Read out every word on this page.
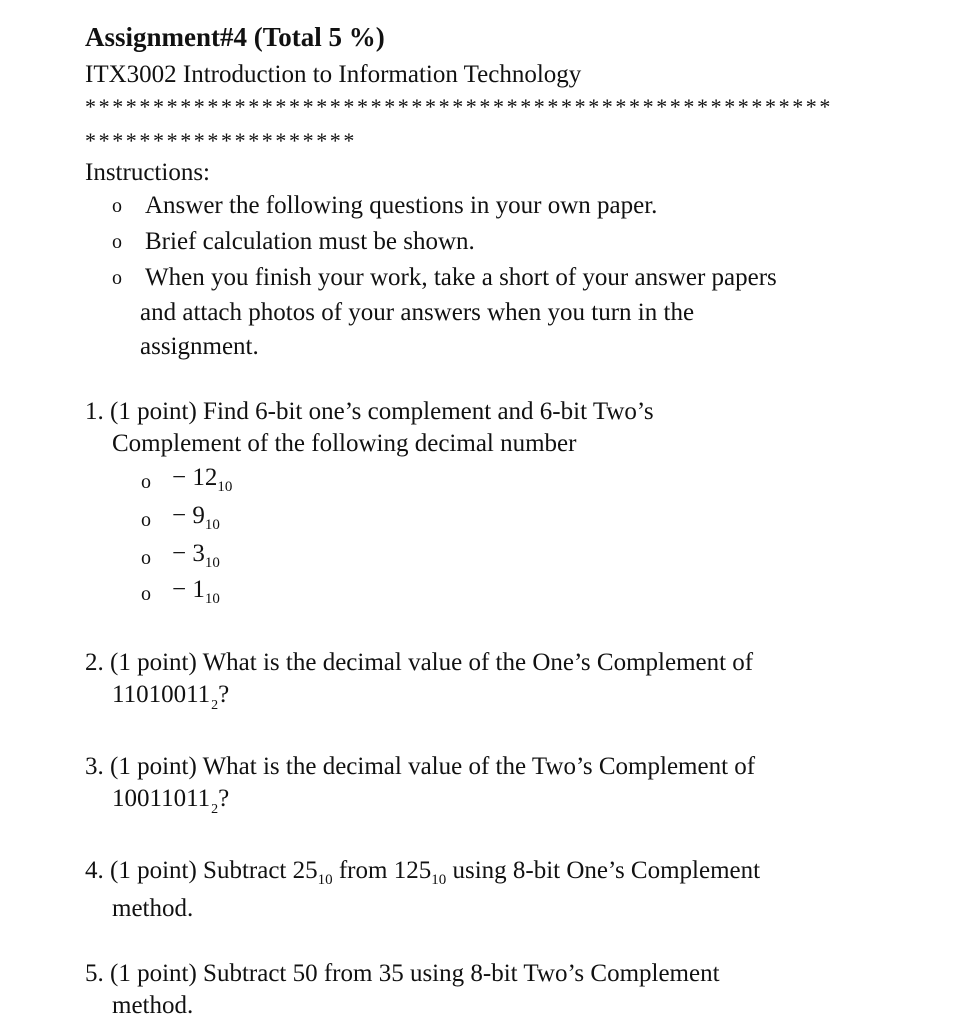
Assignment#4 (Total 5 %)
ITX3002 Introduction to Information Technology
*******************************************************
********************
Instructions:
o Answer the following questions in your own paper.
o Brief calculation must be shown.
o When you finish your work, take a short of your answer papers
and attach photos of your answers when you turn in the
assignment.
1. (1 point) Find 6-bit one’s complement and 6-bit Two’s
Complement of the following decimal number
$o - 12_{10}$
$o - 9_{10}$
$o - 3_{10}$
$o - 1_{10}$
2. (1 point) What is the decimal value of the One’s Complement of
$11010011_2$?
3. (1 point) What is the decimal value of the Two’s Complement of
$10011011_2$?
4. (1 point) Subtract $25_{10}$ from $125_{10}$ using 8-bit One’s Complement
method.
5. (1 point) Subtract 50 from 35 using 8-bit Two’s Complement
method.
